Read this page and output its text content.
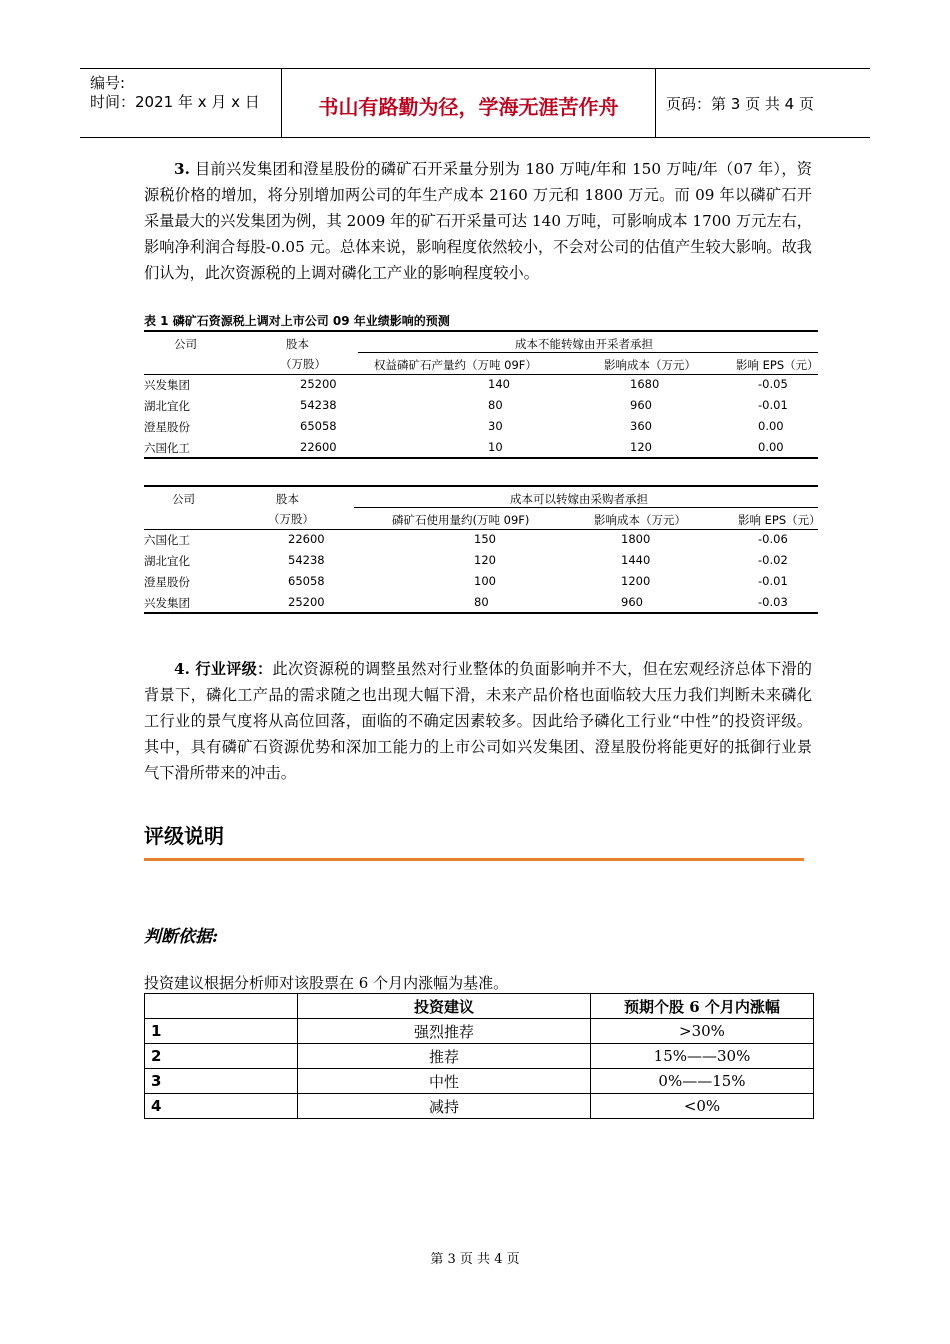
编号:
时间：2021 年 x 月 x 日	书山有路勤为径，学海无涯苦作舟	页码：第 3 页 共 4 页
3. 目前兴发集团和澄星股份的磷矿石开采量分别为 180 万吨/年和 150 万吨/年（07 年），资源税价格的增加，将分别增加两公司的年生产成本 2160 万元和 1800 万元。而 09 年以磷矿石开采量最大的兴发集团为例，其 2009 年的矿石开采量可达 140 万吨，可影响成本 1700 万元左右，影响净利润合每股-0.05 元。总体来说，影响程度依然较小，不会对公司的估值产生较大影响。故我们认为，此次资源税的上调对磷化工产业的影响程度较小。
表 1 磷矿石资源税上调对上市公司 09 年业绩影响的预测
公司	股本
（万股）
成本不能转嫁由开采者承担
权益磷矿石产量约（万吨 09F）	影响成本（万元）	影响 EPS（元）
兴发集团	25200	140	1680	-0.05
湖北宜化	54238	80	960	-0.01
澄星股份	65058	30	360	0.00
六国化工	22600	10	120	0.00
公司	股本
（万股）
成本可以转嫁由采购者承担
磷矿石使用量约(万吨 09F)	影响成本（万元）	影响 EPS（元）
六国化工	22600	150	1800	-0.06
湖北宜化	54238	120	1440	-0.02
澄星股份	65058	100	1200	-0.01
兴发集团	25200	80	960	-0.03
4. 行业评级：此次资源税的调整虽然对行业整体的负面影响并不大，但在宏观经济总体下滑的背景下，磷化工产品的需求随之也出现大幅下滑，未来产品价格也面临较大压力我们判断未来磷化工行业的景气度将从高位回落，面临的不确定因素较多。因此给予磷化工行业“中性”的投资评级。其中，具有磷矿石资源优势和深加工能力的上市公司如兴发集团、澄星股份将能更好的抵御行业景气下滑所带来的冲击。
评级说明
判断依据:
投资建议根据分析师对该股票在 6 个月内涨幅为基准。
	投资建议	预期个股 6 个月内涨幅
1	强烈推荐	>30%
2	推荐	15%——30%
3	中性	0%——15%
4	减持	<0%
第 3 页 共 4 页
